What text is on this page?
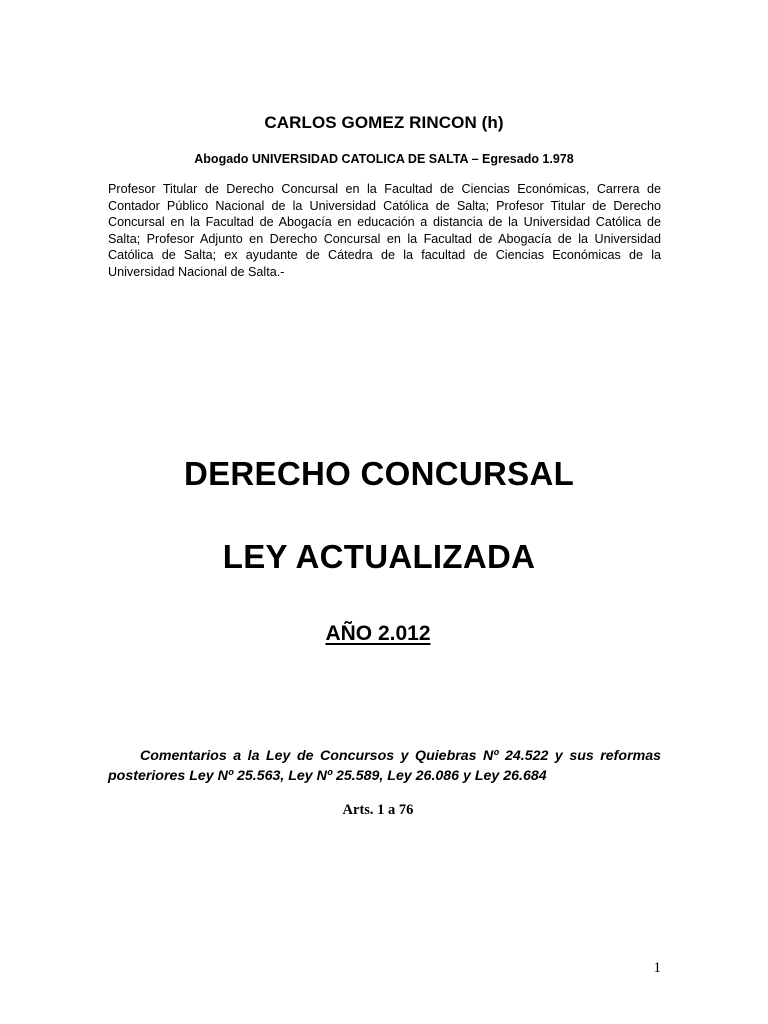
CARLOS GOMEZ RINCON (h)
Abogado UNIVERSIDAD CATOLICA DE SALTA – Egresado 1.978
Profesor Titular de Derecho Concursal en la Facultad de Ciencias Económicas, Carrera de Contador Público Nacional de la Universidad Católica de Salta; Profesor Titular de Derecho Concursal en la Facultad de Abogacía en educación a distancia de la Universidad Católica de Salta; Profesor Adjunto en Derecho Concursal en la Facultad de Abogacía de la Universidad Católica de Salta; ex ayudante de Cátedra de la facultad de Ciencias Económicas de la Universidad Nacional de Salta.-
DERECHO CONCURSAL
LEY ACTUALIZADA
AÑO 2.012
Comentarios a la Ley de Concursos y Quiebras Nº 24.522 y sus reformas posteriores Ley Nº 25.563, Ley Nº 25.589, Ley 26.086 y Ley 26.684
Arts. 1 a 76
1
